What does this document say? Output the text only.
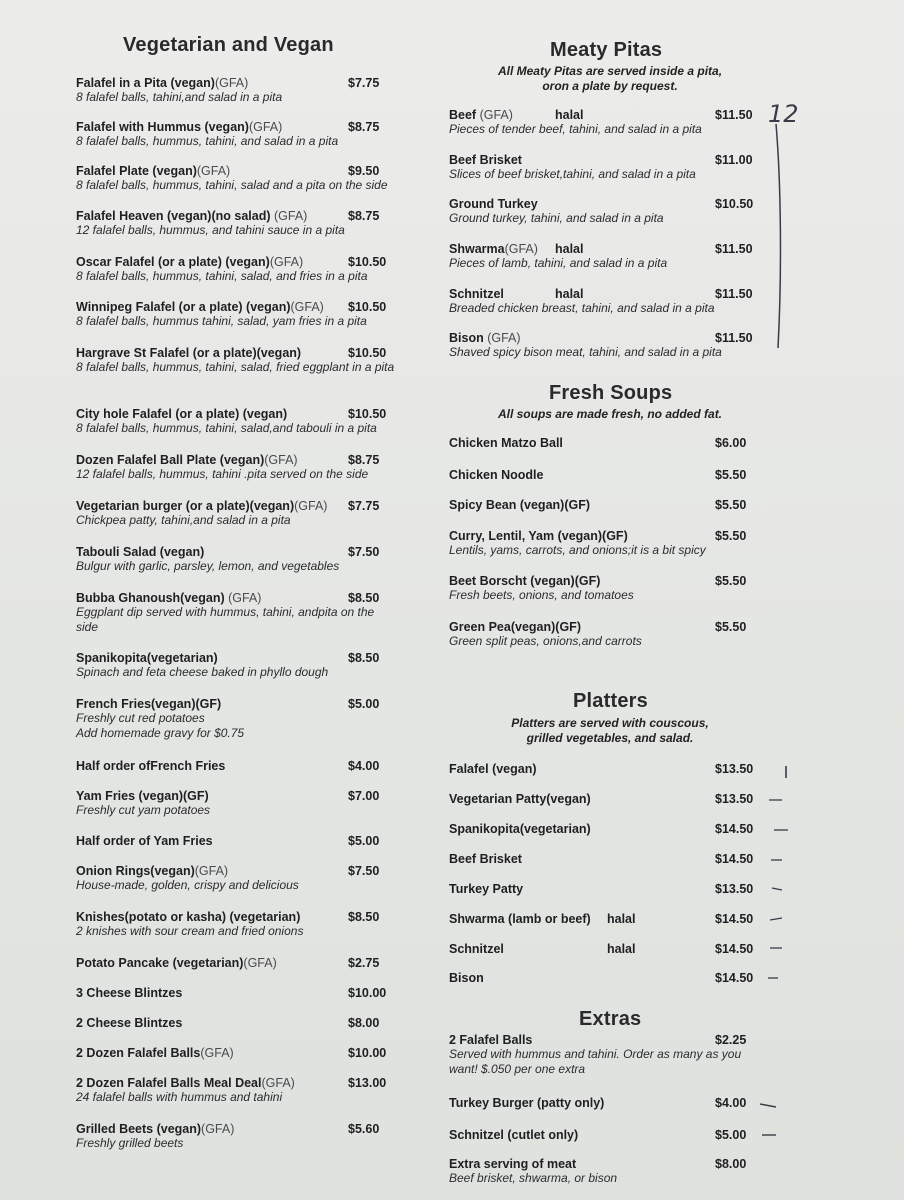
Vegetarian and Vegan
Falafel in a Pita (vegan)(GFA)	$7.75
8 falafel balls, tahini,and salad in a pita
Falafel with Hummus (vegan)(GFA)	$8.75
8 falafel balls, hummus, tahini, and salad in a pita
Falafel Plate (vegan)(GFA)	$9.50
8 falafel balls, hummus, tahini, salad and a pita on the side
Falafel Heaven (vegan)(no salad) (GFA)	$8.75
12 falafel balls, hummus, and tahini sauce in a pita
Oscar Falafel (or a plate) (vegan)(GFA)	$10.50
8 falafel balls, hummus, tahini, salad, and fries in a pita
Winnipeg Falafel (or a plate) (vegan)(GFA)	$10.50
8 falafel balls, hummus tahini, salad, yam fries in a pita
Hargrave St Falafel (or a plate)(vegan)	$10.50
8 falafel balls, hummus, tahini, salad, fried eggplant in a pita
City hole Falafel (or a plate) (vegan)	$10.50
8 falafel balls, hummus, tahini, salad,and tabouli in a pita
Dozen Falafel Ball Plate (vegan)(GFA)	$8.75
12 falafel balls, hummus, tahini .pita served on the side
Vegetarian burger (or a plate)(vegan)(GFA)	$7.75
Chickpea patty, tahini,and salad in a pita
Tabouli Salad (vegan)	$7.50
Bulgur with garlic, parsley, lemon, and vegetables
Bubba Ghanoush(vegan) (GFA)	$8.50
Eggplant dip served with hummus, tahini, andpita on the side
Spanikopita(vegetarian)	$8.50
Spinach and feta cheese baked in phyllo dough
French Fries(vegan)(GF)	$5.00
Freshly cut red potatoes
Add homemade gravy for $0.75
Half order ofFrench Fries	$4.00
Yam Fries (vegan)(GF)	$7.00
Freshly cut yam potatoes
Half order of Yam Fries	$5.00
Onion Rings(vegan)(GFA)	$7.50
House-made, golden, crispy and delicious
Knishes(potato or kasha) (vegetarian)	$8.50
2 knishes with sour cream and fried onions
Potato Pancake (vegetarian)(GFA)	$2.75
3 Cheese Blintzes	$10.00
2 Cheese Blintzes	$8.00
2 Dozen Falafel Balls(GFA)	$10.00
2 Dozen Falafel Balls Meal Deal(GFA)	$13.00
24 falafel balls with hummus and tahini
Grilled Beets (vegan)(GFA)	$5.60
Freshly grilled beets
Meaty Pitas
All Meaty Pitas are served inside a pita,
oron a plate by request.
Beef (GFA)	halal	$11.50
Pieces of tender beef, tahini, and salad in a pita
Beef Brisket	$11.00
Slices of beef brisket,tahini, and salad in a pita
Ground Turkey	$10.50
Ground turkey, tahini, and salad in a pita
Shwarma(GFA)	halal	$11.50
Pieces of lamb, tahini, and salad in a pita
Schnitzel	halal	$11.50
Breaded chicken breast, tahini, and salad in a pita
Bison (GFA)	$11.50
Shaved spicy bison meat, tahini, and salad in a pita
Fresh Soups
All soups are made fresh, no added fat.
Chicken Matzo Ball	$6.00
Chicken Noodle	$5.50
Spicy Bean (vegan)(GF)	$5.50
Curry, Lentil, Yam (vegan)(GF)	$5.50
Lentils, yams, carrots, and onions;it is a bit spicy
Beet Borscht (vegan)(GF)	$5.50
Fresh beets, onions, and tomatoes
Green Pea(vegan)(GF)	$5.50
Green split peas, onions,and carrots
Platters
Platters are served with couscous,
grilled vegetables, and salad.
Falafel (vegan)	$13.50
Vegetarian Patty(vegan)	$13.50
Spanikopita(vegetarian)	$14.50
Beef Brisket	$14.50
Turkey Patty	$13.50
Shwarma (lamb or beef)	halal	$14.50
Schnitzel	halal	$14.50
Bison	$14.50
Extras
2 Falafel Balls	$2.25
Served with hummus and tahini. Order as many as you want! $.050 per one extra
Turkey Burger (patty only)	$4.00
Schnitzel (cutlet only)	$5.00
Extra serving of meat	$8.00
Beef brisket, shwarma, or bison
12
